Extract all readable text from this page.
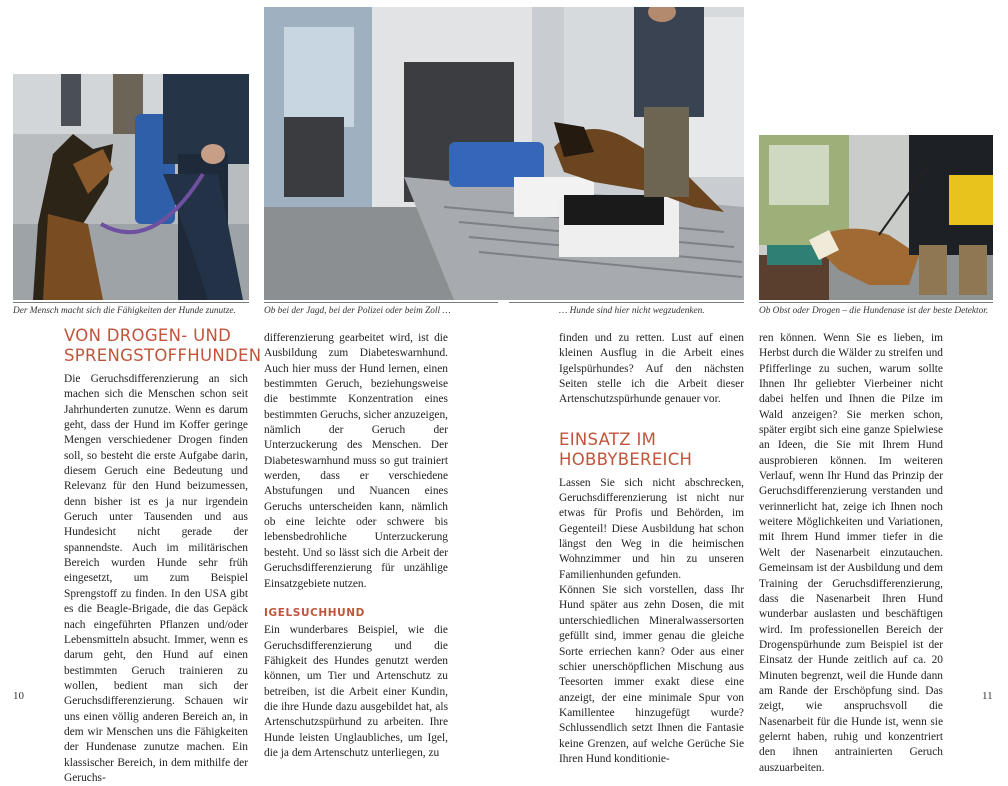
Der Mensch macht sich die Fähigkeiten der Hunde zunutze.	Ob bei der Jagd, bei der Polizei oder beim Zoll …	… Hunde sind hier nicht wegzudenken.	Ob Obst oder Drogen – die Hundenase ist der beste Detektor.
VON DROGEN- UND
SPRENGSTOFFHUNDEN

Die Geruchsdifferenzierung an sich machen sich die Menschen schon seit Jahrhunderten zunutze. Wenn es darum geht, dass der Hund im Koffer geringe Mengen verschiedener Drogen finden soll, so besteht die erste Aufgabe darin, diesem Geruch eine Bedeutung und Relevanz für den Hund beizumessen, denn bisher ist es ja nur irgendein Geruch unter Tausenden und aus Hundesicht nicht gerade der spannendste. Auch im militärischen Bereich wurden Hunde sehr früh eingesetzt, um zum Beispiel Sprengstoff zu finden. In den USA gibt es die Beagle-Brigade, die das Gepäck nach eingeführten Pflanzen und/oder Lebensmitteln absucht. Immer, wenn es darum geht, den Hund auf einen bestimmten Geruch trainieren zu wollen, bedient man sich der Geruchsdifferenzierung. Schauen wir uns einen völlig anderen Bereich an, in dem wir Menschen uns die Fähigkeiten der Hundenase zunutze machen. Ein klassischer Bereich, in dem mithilfe der Geruchs-

differenzierung gearbeitet wird, ist die Ausbildung zum Diabeteswarnhund. Auch hier muss der Hund lernen, einen bestimmten Geruch, beziehungsweise die bestimmte Konzentration eines bestimmten Geruchs, sicher anzuzeigen, nämlich der Geruch der Unterzuckerung des Menschen. Der Diabeteswarnhund muss so gut trainiert werden, dass er verschiedene Abstufungen und Nuancen eines Geruchs unterscheiden kann, nämlich ob eine leichte oder schwere bis lebensbedrohliche Unterzuckerung besteht. Und so lässt sich die Arbeit der Geruchsdifferenzierung für unzählige Einsatzgebiete nutzen.

IGELSUCHHUND

Ein wunderbares Beispiel, wie die Geruchsdifferenzierung und die Fähigkeit des Hundes genutzt werden können, um Tier und Artenschutz zu betreiben, ist die Arbeit einer Kundin, die ihre Hunde dazu ausgebildet hat, als Artenschutzspürhund zu arbeiten. Ihre Hunde leisten Unglaubliches, um Igel, die ja dem Artenschutz unterliegen, zu

finden und zu retten. Lust auf einen kleinen Ausflug in die Arbeit eines Igelspürhundes? Auf den nächsten Seiten stelle ich die Arbeit dieser Artenschutzspürhunde genauer vor.

EINSATZ IM
HOBBYBEREICH

Lassen Sie sich nicht abschrecken, Geruchsdifferenzierung ist nicht nur etwas für Profis und Behörden, im Gegenteil! Diese Ausbildung hat schon längst den Weg in die heimischen Wohnzimmer und hin zu unseren Familienhunden gefunden.

Können Sie sich vorstellen, dass Ihr Hund später aus zehn Dosen, die mit unterschiedlichen Mineralwassersorten gefüllt sind, immer genau die gleiche Sorte erriechen kann? Oder aus einer schier unerschöpflichen Mischung aus Teesorten immer exakt diese eine anzeigt, der eine minimale Spur von Kamillentee hinzugefügt wurde? Schlussendlich setzt Ihnen die Fantasie keine Grenzen, auf welche Gerüche Sie Ihren Hund konditionie-

ren können. Wenn Sie es lieben, im Herbst durch die Wälder zu streifen und Pfifferlinge zu suchen, warum sollte Ihnen Ihr geliebter Vierbeiner nicht dabei helfen und Ihnen die Pilze im Wald anzeigen? Sie merken schon, später ergibt sich eine ganze Spielwiese an Ideen, die Sie mit Ihrem Hund ausprobieren können. Im weiteren Verlauf, wenn Ihr Hund das Prinzip der Geruchsdifferenzierung verstanden und verinnerlicht hat, zeige ich Ihnen noch weitere Möglichkeiten und Variationen, mit Ihrem Hund immer tiefer in die Welt der Nasenarbeit einzutauchen. Gemeinsam ist der Ausbildung und dem Training der Geruchsdifferenzierung, dass die Nasenarbeit Ihren Hund wunderbar auslasten und beschäftigen wird. Im professionellen Bereich der Drogenspürhunde zum Beispiel ist der Einsatz der Hunde zeitlich auf ca. 20 Minuten begrenzt, weil die Hunde dann am Rande der Erschöpfung sind. Das zeigt, wie anspruchsvoll die Nasenarbeit für die Hunde ist, wenn sie gelernt haben, ruhig und konzentriert den ihnen antrainierten Geruch auszuarbeiten.

10	11
